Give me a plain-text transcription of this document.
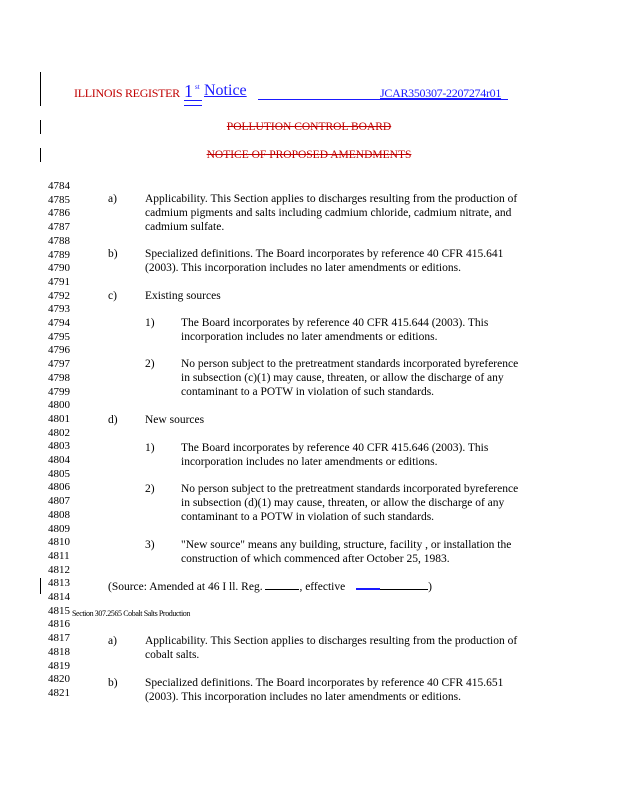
ILLINOIS REGISTER 1 st Notice	JCAR350307-2207274r01
POLLUTION CONTROL BOARD
NOTICE OF PROPOSED AMENDMENTS
4784
4785
4786
4787
4788
4789
4790
4791
4792
4793
4794
4795
4796
4797
4798
4799
4800
4801
4802
4803
4804
4805
4806
4807
4808
4809
4810
4811
4812
4813
4814
4815
4816
4817
4818
4819
4820
4821
a) Applicability. This Section applies to discharges resulting from the production of
cadmium pigments and salts including cadmium chloride, cadmium nitrate, and
cadmium sulfate.
b) Specialized definitions. The Board incorporates by reference 40 CFR 415.641
(2003). This incorporation includes no later amendments or editions.
c) Existing sources
1) The Board incorporates by reference 40 CFR 415.644 (2003). This
incorporation includes no later amendments or editions.
2) No person subject to the pretreatment standards incorporated byreference
in subsection (c)(1) may cause, threaten, or allow the discharge of any
contaminant to a POTW in violation of such standards.
d) New sources
1) The Board incorporates by reference 40 CFR 415.646 (2003). This
incorporation includes no later amendments or editions.
2) No person subject to the pretreatment standards incorporated byreference
in subsection (d)(1) may cause, threaten, or allow the discharge of any
contaminant to a POTW in violation of such standards.
3) "New source" means any building, structure, facility , or installation the
construction of which commenced after October 25, 1983.
(Source: Amended at 46 I ll. Reg.	, effective	)
Section 307.2565 Cobalt Salts Production
a) Applicability. This Section applies to discharges resulting from the production of
cobalt salts.
b) Specialized definitions. The Board incorporates by reference 40 CFR 415.651
(2003). This incorporation includes no later amendments or editions.
